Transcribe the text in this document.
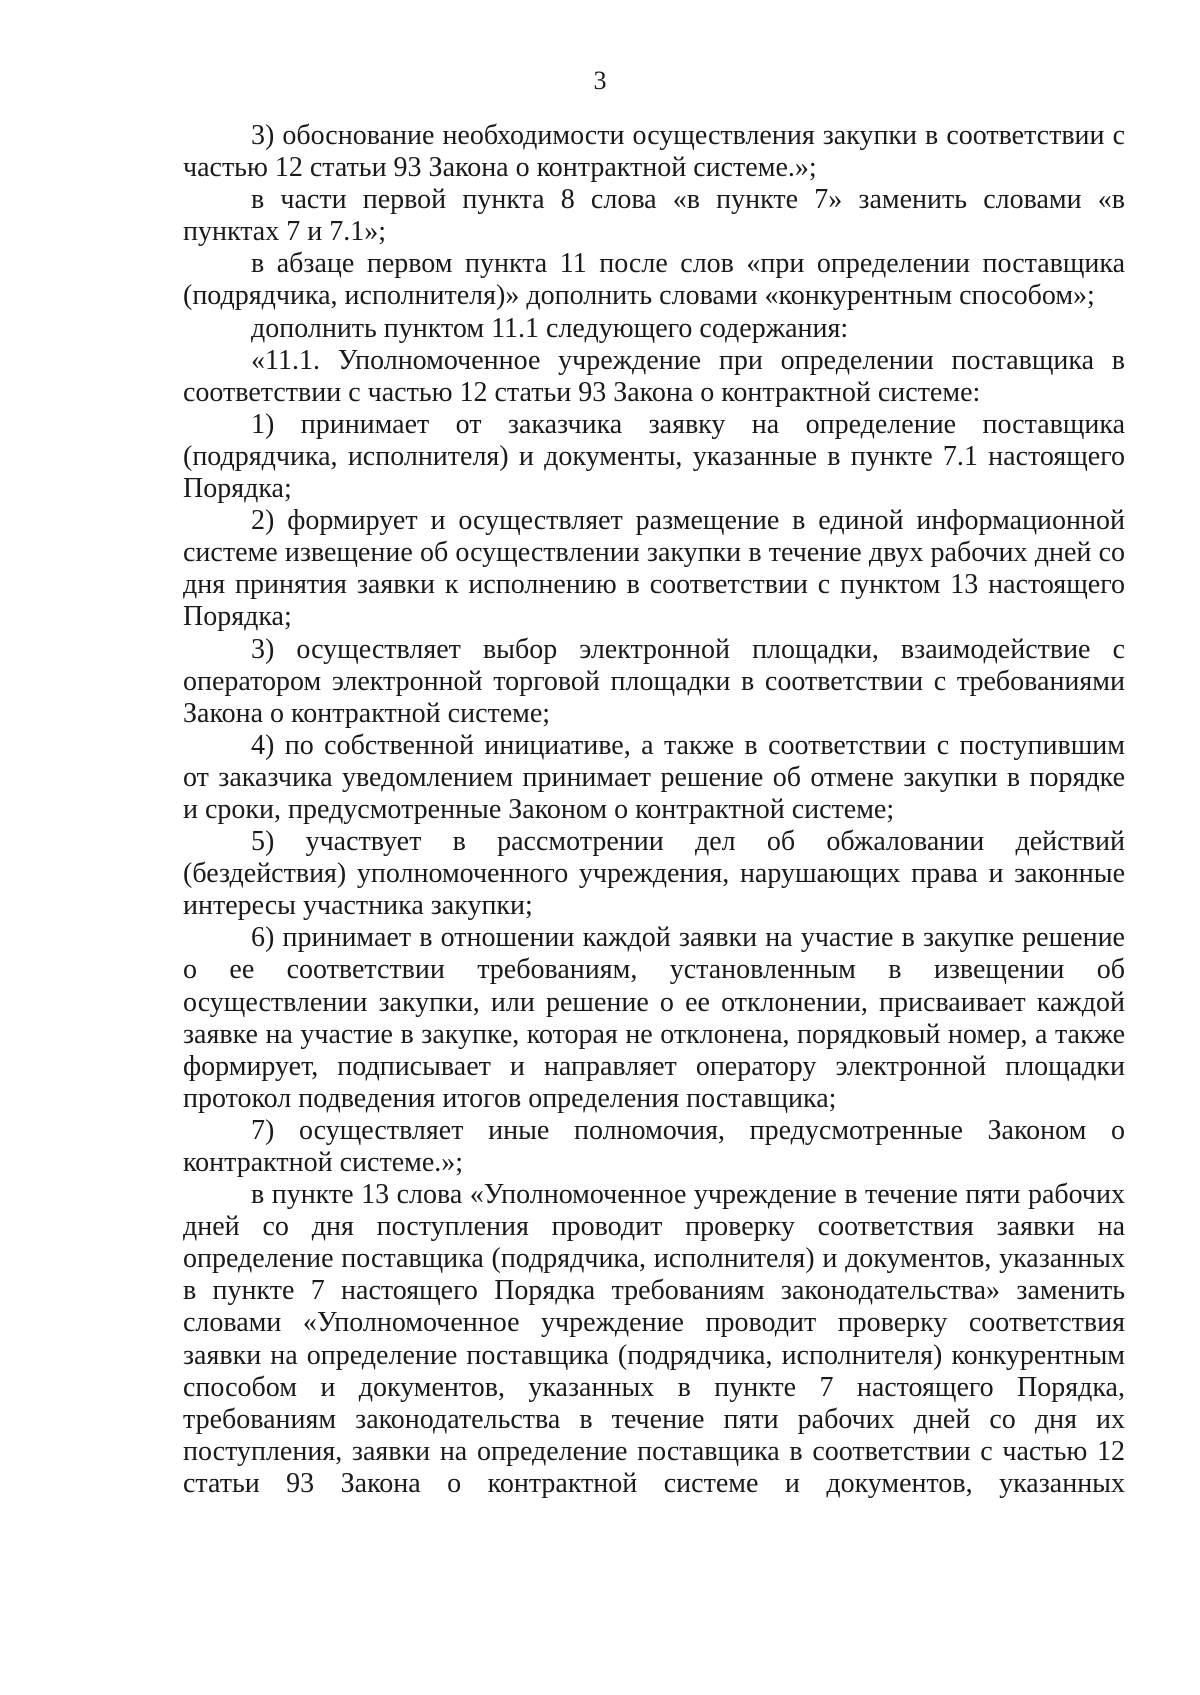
3

3) обоснование необходимости осуществления закупки в соответствии с частью 12 статьи 93 Закона о контрактной системе.»;

в части первой пункта 8 слова «в пункте 7» заменить словами «в пунктах 7 и 7.1»;

в абзаце первом пункта 11 после слов «при определении поставщика (подрядчика, исполнителя)» дополнить словами «конкурентным способом»;

дополнить пунктом 11.1 следующего содержания:

«11.1. Уполномоченное учреждение при определении поставщика в соответствии с частью 12 статьи 93 Закона о контрактной системе:

1) принимает от заказчика заявку на определение поставщика (подрядчика, исполнителя) и документы, указанные в пункте 7.1 настоящего Порядка;

2) формирует и осуществляет размещение в единой информационной системе извещение об осуществлении закупки в течение двух рабочих дней со дня принятия заявки к исполнению в соответствии с пунктом 13 настоящего Порядка;

3) осуществляет выбор электронной площадки, взаимодействие с оператором электронной торговой площадки в соответствии с требованиями Закона о контрактной системе;

4) по собственной инициативе, а также в соответствии с поступившим от заказчика уведомлением принимает решение об отмене закупки в порядке и сроки, предусмотренные Законом о контрактной системе;

5) участвует в рассмотрении дел об обжаловании действий (бездействия) уполномоченного учреждения, нарушающих права и законные интересы участника закупки;

6) принимает в отношении каждой заявки на участие в закупке решение о ее соответствии требованиям, установленным в извещении об осуществлении закупки, или решение о ее отклонении, присваивает каждой заявке на участие в закупке, которая не отклонена, порядковый номер, а также формирует, подписывает и направляет оператору электронной площадки протокол подведения итогов определения поставщика;

7) осуществляет иные полномочия, предусмотренные Законом о контрактной системе.»;

в пункте 13 слова «Уполномоченное учреждение в течение пяти рабочих дней со дня поступления проводит проверку соответствия заявки на определение поставщика (подрядчика, исполнителя) и документов, указанных в пункте 7 настоящего Порядка требованиям законодательства» заменить словами «Уполномоченное учреждение проводит проверку соответствия заявки на определение поставщика (подрядчика, исполнителя) конкурентным способом и документов, указанных в пункте 7 настоящего Порядка, требованиям законодательства в течение пяти рабочих дней со дня их поступления, заявки на определение поставщика в соответствии с частью 12 статьи 93 Закона о контрактной системе и документов, указанных
